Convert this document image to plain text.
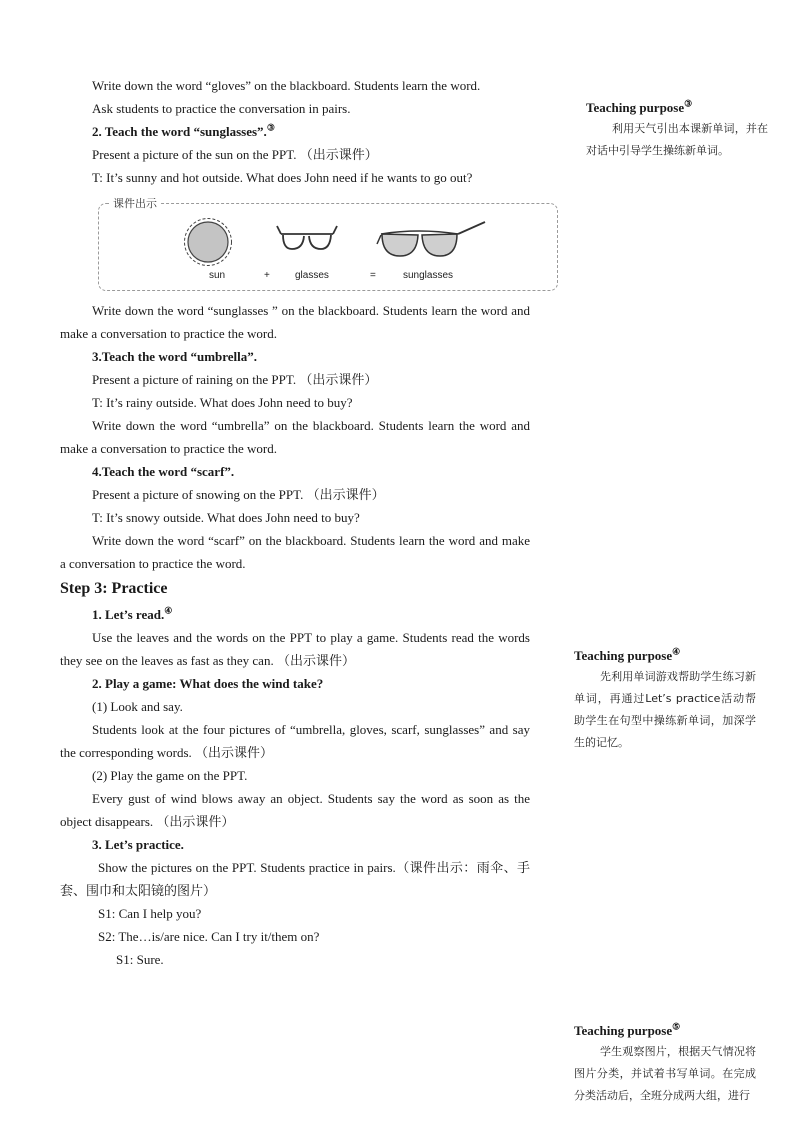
Write down the word “gloves” on the blackboard. Students learn the word.

Ask students to practice the conversation in pairs.

2. Teach the word “sunglasses”.③

Present a picture of the sun on the PPT. （出示课件）

T: It’s sunny and hot outside. What does John need if he wants to go out?

课件出示
sun	+	glasses	=	sunglasses

Write down the word “sunglasses ” on the blackboard. Students learn the word and make a conversation to practice the word.

3.Teach the word “umbrella”.

Present a picture of raining on the PPT. （出示课件）

T: It’s rainy outside. What does John need to buy?

Write down the word “umbrella” on the blackboard. Students learn the word and make a conversation to practice the word.

4.Teach the word “scarf”.

Present a picture of snowing on the PPT. （出示课件）

T: It’s snowy outside. What does John need to buy?

Write down the word “scarf” on the blackboard. Students learn the word and make a conversation to practice the word.

Step 3: Practice

1. Let’s read.④

Use the leaves and the words on the PPT to play a game. Students read the words they see on the leaves as fast as they can. （出示课件）

2. Play a game: What does the wind take?

(1) Look and say.

Students look at the four pictures of “umbrella, gloves, scarf, sunglasses” and say the corresponding words. （出示课件）

(2) Play the game on the PPT.

Every gust of wind blows away an object. Students say the word as soon as the object disappears. （出示课件）

3. Let’s practice.

Show the pictures on the PPT. Students practice in pairs.（课件出示：雨伞、手套、围巾和太阳镜的图片）

S1: Can I help you?

S2: The…is/are nice. Can I try it/them on?

S1: Sure.

Teaching purpose③

利用天气引出本课新单词，并在对话中引导学生操练新单词。

Teaching purpose④

先利用单词游戏帮助学生练习新单词，再通过Let’s practice活动帮助学生在句型中操练新单词，加深学生的记忆。

Teaching purpose⑤

学生观察图片，根据天气情况将图片分类，并试着书写单词。在完成分类活动后，全班分成两大组，进行
